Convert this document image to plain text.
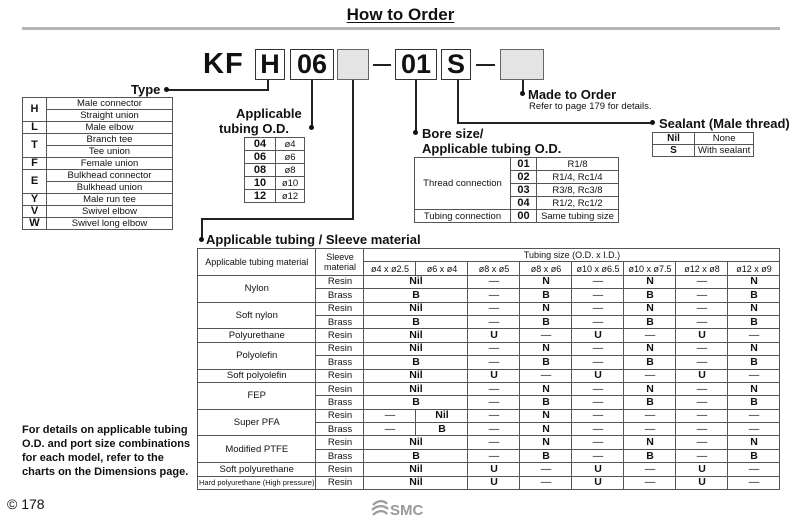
How to Order
KF H 06	01 S
Type
H	Male connector
	Straight union
L	Male elbow
T	Branch tee
	Tee union
F	Female union
E	Bulkhead connector
	Bulkhead union
Y	Male run tee
V	Swivel elbow
W	Swivel long elbow
Applicable
tubing O.D.
04	ø4
06	ø6
08	ø8
10	ø10
12	ø12
Bore size/
Applicable tubing O.D.
Thread connection	01	R1/8
	02	R1/4, Rc1/4
	03	R3/8, Rc3/8
	04	R1/2, Rc1/2
Tubing connection	00	Same tubing size
Made to Order
Refer to page 179 for details.
Sealant (Male thread)
Nil	None
S	With sealant
Applicable tubing / Sleeve material
Applicable tubing material	Sleeve material	Tubing size (O.D. x I.D.)							
		ø4 x ø2.5	ø6 x ø4	ø8 x ø5	ø8 x ø6	ø10 x ø6.5	ø10 x ø7.5	ø12 x ø8	ø12 x ø9
Nylon	Resin	Nil		—	N	—	N	—	N
	Brass	B		—	B	—	B	—	B
Soft nylon	Resin	Nil		—	N	—	N	—	N
	Brass	B		—	B	—	B	—	B
Polyurethane	Resin	Nil		U	—	U	—	U	—
Polyolefin	Resin	Nil		—	N	—	N	—	N
	Brass	B		—	B	—	B	—	B
Soft polyolefin	Resin	Nil		U	—	U	—	U	—
FEP	Resin	Nil		—	N	—	N	—	N
	Brass	B		—	B	—	B	—	B
Super PFA	Resin	—	Nil	—	N	—	—	—	—
	Brass	—	B	—	N	—	—	—	—
Modified PTFE	Resin	Nil		—	N	—	N	—	N
	Brass	B		—	B	—	B	—	B
Soft polyurethane	Resin	Nil		U	—	U	—	U	—
Hard polyurethane (High pressure)	Resin	Nil		U	—	U	—	U	—
For details on applicable tubing O.D. and port size combinations for each model, refer to the charts on the Dimensions page.
© 178	SMC
